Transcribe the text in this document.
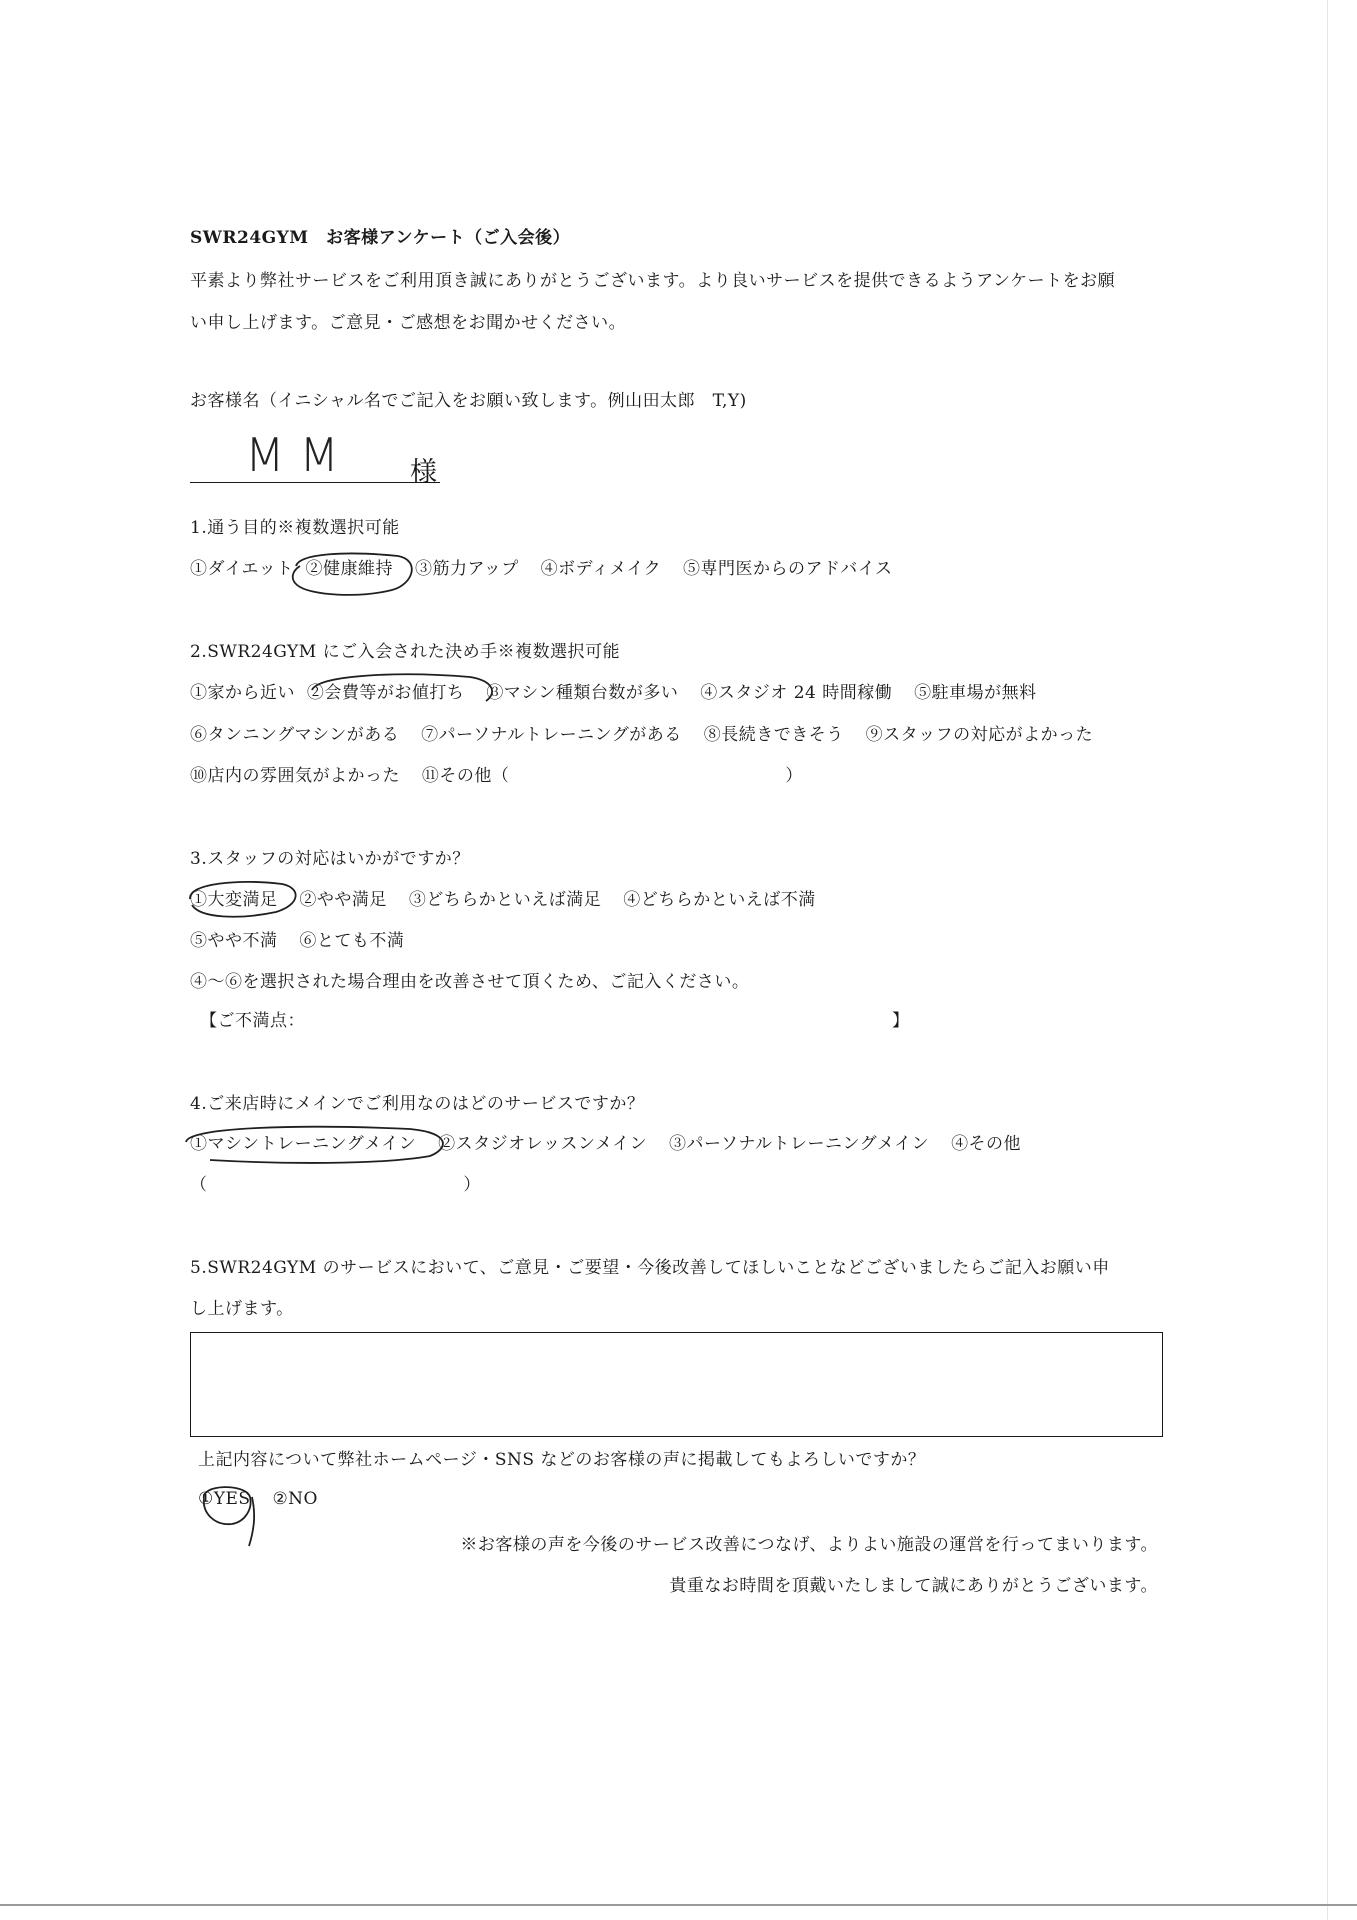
SWR24GYM　お客様アンケート（ご入会後）
平素より弊社サービスをご利用頂き誠にありがとうございます。より良いサービスを提供できるようアンケートをお願
い申し上げます。ご意見・ご感想をお聞かせください。
お客様名（イニシャル名でご記入をお願い致します。例山田太郎　T,Y)
M M	様
1.通う目的※複数選択可能
①ダイエット ②健康維持 ③筋力アップ ④ボディメイク ⑤専門医からのアドバイス
2.SWR24GYM にご入会された決め手※複数選択可能
①家から近い ②会費等がお値打ち ③マシン種類台数が多い ④スタジオ 24 時間稼働 ⑤駐車場が無料
⑥タンニングマシンがある ⑦パーソナルトレーニングがある ⑧長続きできそう ⑨スタッフの対応がよかった
⑩店内の雰囲気がよかった ⑪その他（	）
3.スタッフの対応はいかがですか？
①大変満足 ②やや満足 ③どちらかといえば満足 ④どちらかといえば不満
⑤やや不満 ⑥とても不満
④～⑥を選択された場合理由を改善させて頂くため、ご記入ください。
【ご不満点：	】
4.ご来店時にメインでご利用なのはどのサービスですか？
①マシントレーニングメイン ②スタジオレッスンメイン ③パーソナルトレーニングメイン ④その他
（	）
5.SWR24GYM のサービスにおいて、ご意見・ご要望・今後改善してほしいことなどございましたらご記入お願い申
し上げます。
上記内容について弊社ホームページ・SNS などのお客様の声に掲載してもよろしいですか？
①YES ②NO
※お客様の声を今後のサービス改善につなげ、よりよい施設の運営を行ってまいります。
貴重なお時間を頂戴いたしまして誠にありがとうございます。
